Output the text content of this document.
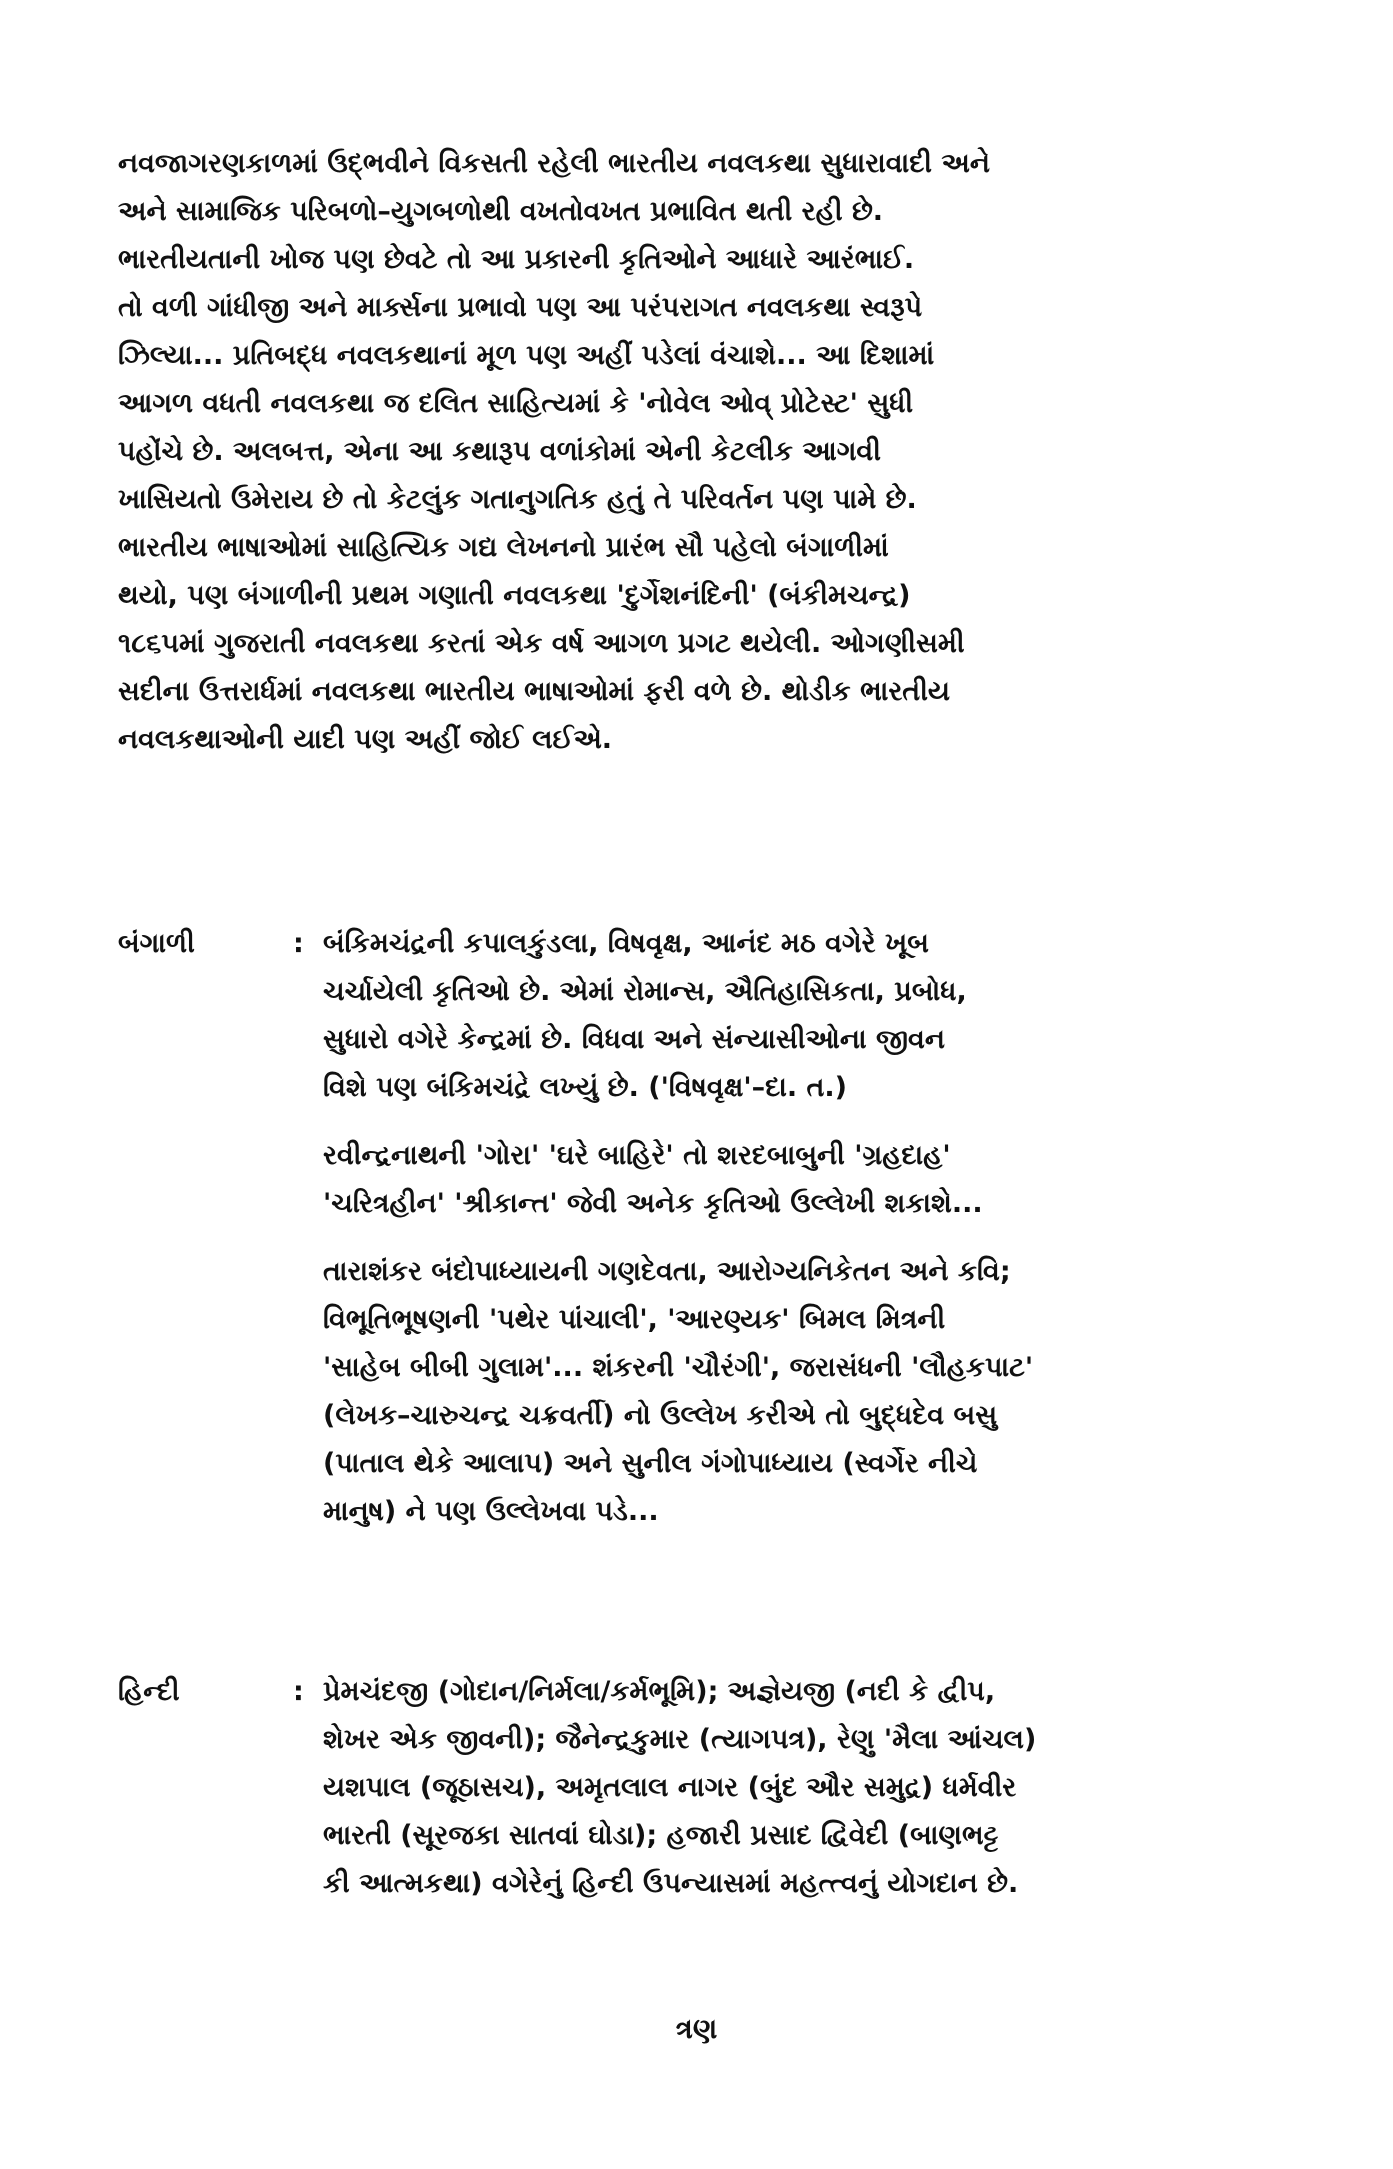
નવજાગરણકાળમાં ઉદ્‌ભવીને વિકસતી રહેલી ભારતીય નવલકથા સુધારાવાદી અને
અને સામાજિક પરિબળો–યુગબળોથી વખતોવખત પ્રભાવિત થતી રહી છે.
ભારતીયતાની ખોજ પણ છેવટે તો આ પ્રકારની કૃતિઓને આધારે આરંભાઈ.
તો વળી ગાંધીજી અને માર્ક્સના પ્રભાવો પણ આ પરંપરાગત નવલકથા સ્વરૂપે
ઝિલ્યા... પ્રતિબદ્ધ નવલકથાનાં મૂળ પણ અહીં પડેલાં વંચાશે... આ દિશામાં
આગળ વધતી નવલકથા જ દલિત સાહિત્યમાં કે 'નોવેલ ઓવ્ પ્રોટેસ્ટ' સુધી
પહોંચે છે. અલબત્ત, એના આ કથારૂપ વળાંકોમાં એની કેટલીક આગવી
ખાસિયતો ઉમેરાય છે તો કેટલુંક ગતાનુગતિક હતું તે પરિવર્તન પણ પામે છે.
ભારતીય ભાષાઓમાં સાહિત્યિક ગદ્ય લેખનનો પ્રારંભ સૌ પહેલો બંગાળીમાં
થયો, પણ બંગાળીની પ્રથમ ગણાતી નવલકથા 'દુર્ગેશનંદિની' (બંકીમચન્દ્ર)
૧૮૬૫માં ગુજરાતી નવલકથા કરતાં એક વર્ષ આગળ પ્રગટ થયેલી. ઓગણીસમી
સદીના ઉત્તરાર્ધમાં નવલકથા ભારતીય ભાષાઓમાં ફરી વળે છે. થોડીક ભારતીય
નવલકથાઓની યાદી પણ અહીં જોઈ લઈએ.
બંગાળી	: બંકિમચંદ્રની કપાલકુંડલા, વિષવૃક્ષ, આનંદ મઠ વગેરે ખૂબ
ચર્ચાયેલી કૃતિઓ છે. એમાં રોમાન્સ, ઐતિહાસિકતા, પ્રબોધ,
સુધારો વગેરે કેન્દ્રમાં છે. વિધવા અને સંન્યાસીઓના જીવન
વિશે પણ બંકિમચંદ્રે લખ્યું છે. ('વિષવૃક્ષ'–દા. ત.)
રવીન્દ્રનાથની 'ગોરા' 'ઘરે બાહિરે' તો શરદબાબુની 'ગ્રહદાહ'
'ચરિત્રહીન' 'શ્રીકાન્ત' જેવી અનેક કૃતિઓ ઉલ્લેખી શકાશે...
તારાશંકર બંદોપાધ્યાયની ગણદેવતા, આરોગ્યનિકેતન અને કવિ;
વિભૂતિભૂષણની 'પથેર પાંચાલી', 'આરણ્યક' બિમલ મિત્રની
'સાહેબ બીબી ગુલામ'... શંકરની 'ચૌરંગી', જરાસંધની 'લૌહકપાટ'
(લેખક–ચારુચન્દ્ર ચક્રવર્તી) નો ઉલ્લેખ કરીએ તો બુદ્ધદેવ બસુ
(પાતાલ થેકે આલાપ) અને સુનીલ ગંગોપાધ્યાય (સ્વર્ગેર નીચે
માનુષ) ને પણ ઉલ્લેખવા પડે...
હિન્દી	: પ્રેમચંદજી (ગોદાન/નિર્મલા/કર્મભૂમિ); અજ્ઞેયજી (નદી કે દ્વીપ,
શેખર એક જીવની); જૈનેન્દ્રકુમાર (ત્યાગપત્ર), રેણુ 'મૈલા આંચલ)
યશપાલ (જૂઠાસચ), અમૃતલાલ નાગર (બુંદ ઔર સમુદ્ર) ધર્મવીર
ભારતી (સૂરજકા સાતવાં ઘોડા); હજારી પ્રસાદ દ્વિવેદી (બાણભટ્ટ
કી આત્મકથા) વગેરેનું હિન્દી ઉપન્યાસમાં મહત્ત્વનું યોગદાન છે.
ત્રણ
